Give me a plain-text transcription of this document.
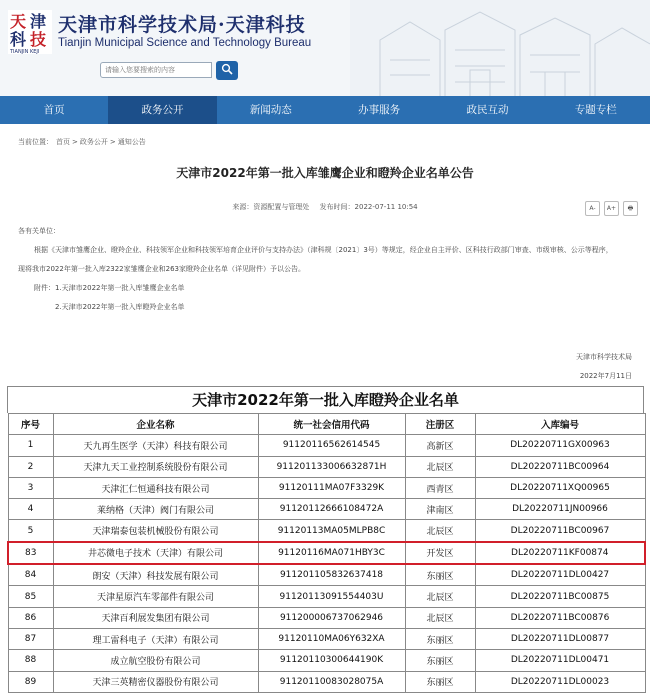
天 津
科 技
TIANJIN KEJI
天津市科学技术局·天津科技
Tianjin Municipal Science and Technology Bureau
请输入您要搜索的内容
首页	政务公开	新闻动态	办事服务	政民互动	专题专栏
当前位置： 首页 > 政务公开 > 通知公告
天津市2022年第一批入库雏鹰企业和瞪羚企业名单公告
来源：资源配置与管理处 发布时间：2022-07-11 10:54	A-	A+	🖶
各有关单位：
根据《天津市雏鹰企业、瞪羚企业、科技领军企业和科技领军培育企业评价与支持办法》（津科规〔2021〕3号）等规定，经企业自主评价、区科技行政部门审查、市级审核、公示等程序，
现将我市2022年第一批入库2322家雏鹰企业和263家瞪羚企业名单（详见附件）予以公告。
附件：1.天津市2022年第一批入库雏鹰企业名单
2.天津市2022年第一批入库瞪羚企业名单
天津市科学技术局
2022年7月11日
天津市2022年第一批入库瞪羚企业名单
序号	企业名称	统一社会信用代码	注册区	入库编号
1	天九再生医学（天津）科技有限公司	91120116562614545	高新区	DL20220711GX00963
2	天津九天工业控制系统股份有限公司	911201133006632871H	北辰区	DL20220711BC00964
3	天津汇仁恒通科技有限公司	91120111MA07F3329K	西青区	DL20220711XQ00965
4	莱纳格（天津）阀门有限公司	91120112666108472A	津南区	DL20220711JN00966
5	天津瑞泰包装机械股份有限公司	91120113MA05MLPB8C	北辰区	DL20220711BC00967
83	井芯微电子技术（天津）有限公司	91120116MA071HBY3C	开发区	DL20220711KF00874
84	朗安（天津）科技发展有限公司	911201105832637418	东丽区	DL20220711DL00427
85	天津星原汽车零部件有限公司	91120113091554403U	北辰区	DL20220711BC00875
86	天津百利展发集团有限公司	9112000067370629​46	北辰区	DL20220711BC00876
87	理工雷科电子（天津）有限公司	91120110MA06Y632XA	东丽区	DL20220711DL00877
88	成立航空股份有限公司	91120110300644190K	东丽区	DL20220711DL00471
89	天津三英精密仪器股份有限公司	91120110083028075A	东丽区	DL20220711DL00023
